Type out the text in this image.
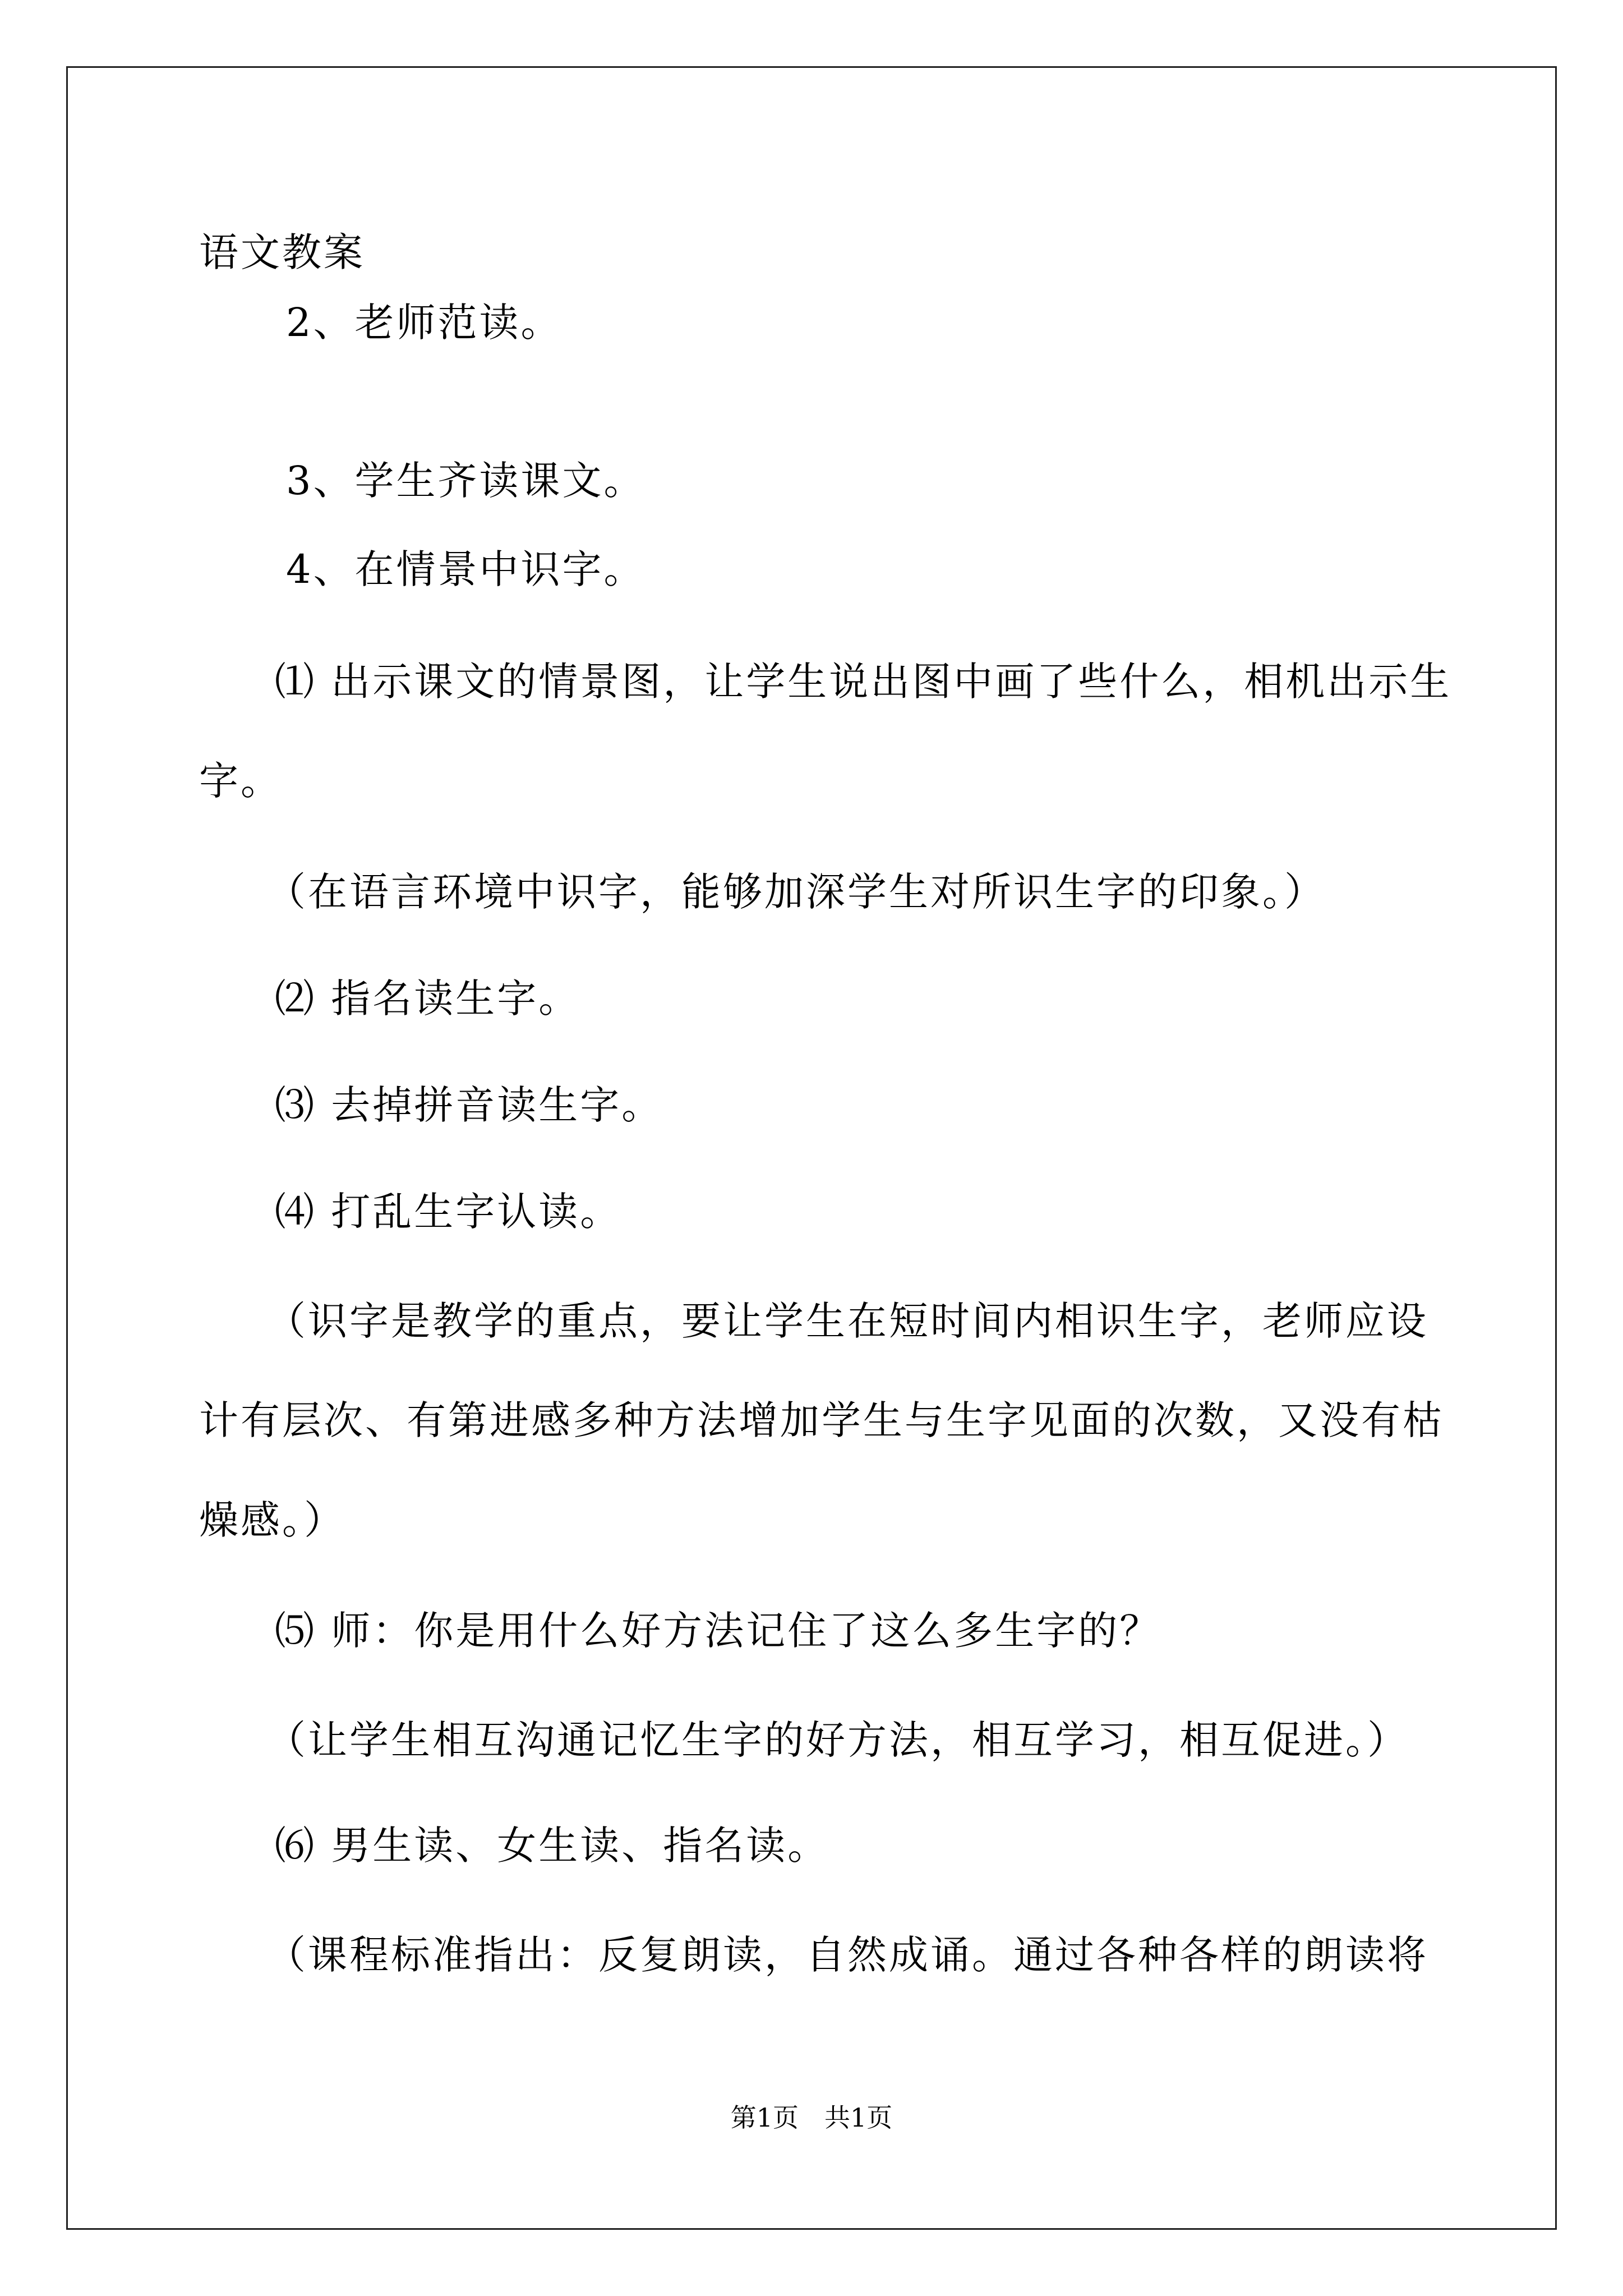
语文教案
2、老师范读。
3、学生齐读课文。
4、在情景中识字。
⑴ 出示课文的情景图，让学生说出图中画了些什么，相机出示生
字。
（在语言环境中识字，能够加深学生对所识生字的印象。）
⑵ 指名读生字。
⑶ 去掉拼音读生字。
⑷ 打乱生字认读。
（识字是教学的重点，要让学生在短时间内相识生字，老师应设
计有层次、有第进感多种方法增加学生与生字见面的次数，又没有枯
燥感。）
⑸ 师：你是用什么好方法记住了这么多生字的？
（让学生相互沟通记忆生字的好方法，相互学习，相互促进。）
⑹ 男生读、女生读、指名读。
（课程标准指出：反复朗读，自然成诵。通过各种各样的朗读将
第1页　共1页
